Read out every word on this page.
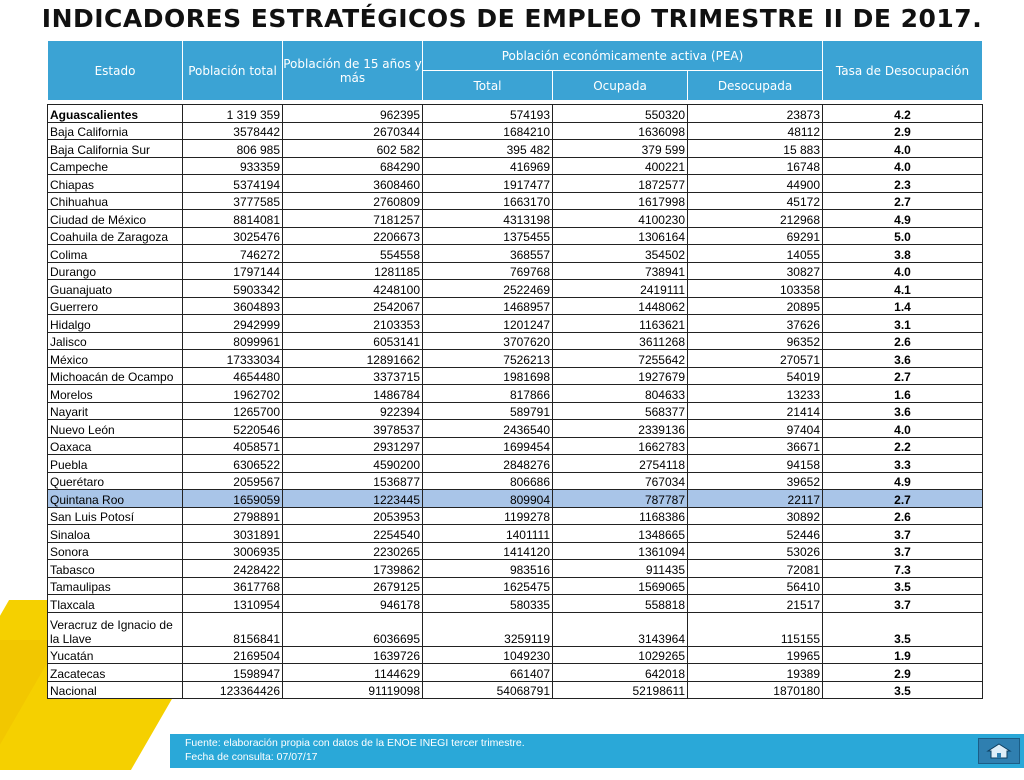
INDICADORES ESTRATÉGICOS DE EMPLEO TRIMESTRE II DE 2017.
Estado	Población total	Población de 15 años y más	Población económicamente activa (PEA)			Tasa de Desocupación
			Total	Ocupada	Desocupada	
Aguascalientes	1 319 359	962395	574193	550320	23873	4.2
Baja California	3578442	2670344	1684210	1636098	48112	2.9
Baja California Sur	806 985	602 582	395 482	379 599	15 883	4.0
Campeche	933359	684290	416969	400221	16748	4.0
Chiapas	5374194	3608460	1917477	1872577	44900	2.3
Chihuahua	3777585	2760809	1663170	1617998	45172	2.7
Ciudad de México	8814081	7181257	4313198	4100230	212968	4.9
Coahuila de Zaragoza	3025476	2206673	1375455	1306164	69291	5.0
Colima	746272	554558	368557	354502	14055	3.8
Durango	1797144	1281185	769768	738941	30827	4.0
Guanajuato	5903342	4248100	2522469	2419111	103358	4.1
Guerrero	3604893	2542067	1468957	1448062	20895	1.4
Hidalgo	2942999	2103353	1201247	1163621	37626	3.1
Jalisco	8099961	6053141	3707620	3611268	96352	2.6
México	17333034	12891662	7526213	7255642	270571	3.6
Michoacán de Ocampo	4654480	3373715	1981698	1927679	54019	2.7
Morelos	1962702	1486784	817866	804633	13233	1.6
Nayarit	1265700	922394	589791	568377	21414	3.6
Nuevo León	5220546	3978537	2436540	2339136	97404	4.0
Oaxaca	4058571	2931297	1699454	1662783	36671	2.2
Puebla	6306522	4590200	2848276	2754118	94158	3.3
Querétaro	2059567	1536877	806686	767034	39652	4.9
Quintana Roo	1659059	1223445	809904	787787	22117	2.7
San Luis Potosí	2798891	2053953	1199278	1168386	30892	2.6
Sinaloa	3031891	2254540	1401111	1348665	52446	3.7
Sonora	3006935	2230265	1414120	1361094	53026	3.7
Tabasco	2428422	1739862	983516	911435	72081	7.3
Tamaulipas	3617768	2679125	1625475	1569065	56410	3.5
Tlaxcala	1310954	946178	580335	558818	21517	3.7
Veracruz de Ignacio de la Llave	8156841	6036695	3259119	3143964	115155	3.5
Yucatán	2169504	1639726	1049230	1029265	19965	1.9
Zacatecas	1598947	1144629	661407	642018	19389	2.9
Nacional	123364426	91119098	54068791	52198611	1870180	3.5
Fuente: elaboración propia con datos de la ENOE INEGI tercer trimestre.
Fecha de consulta: 07/07/17
